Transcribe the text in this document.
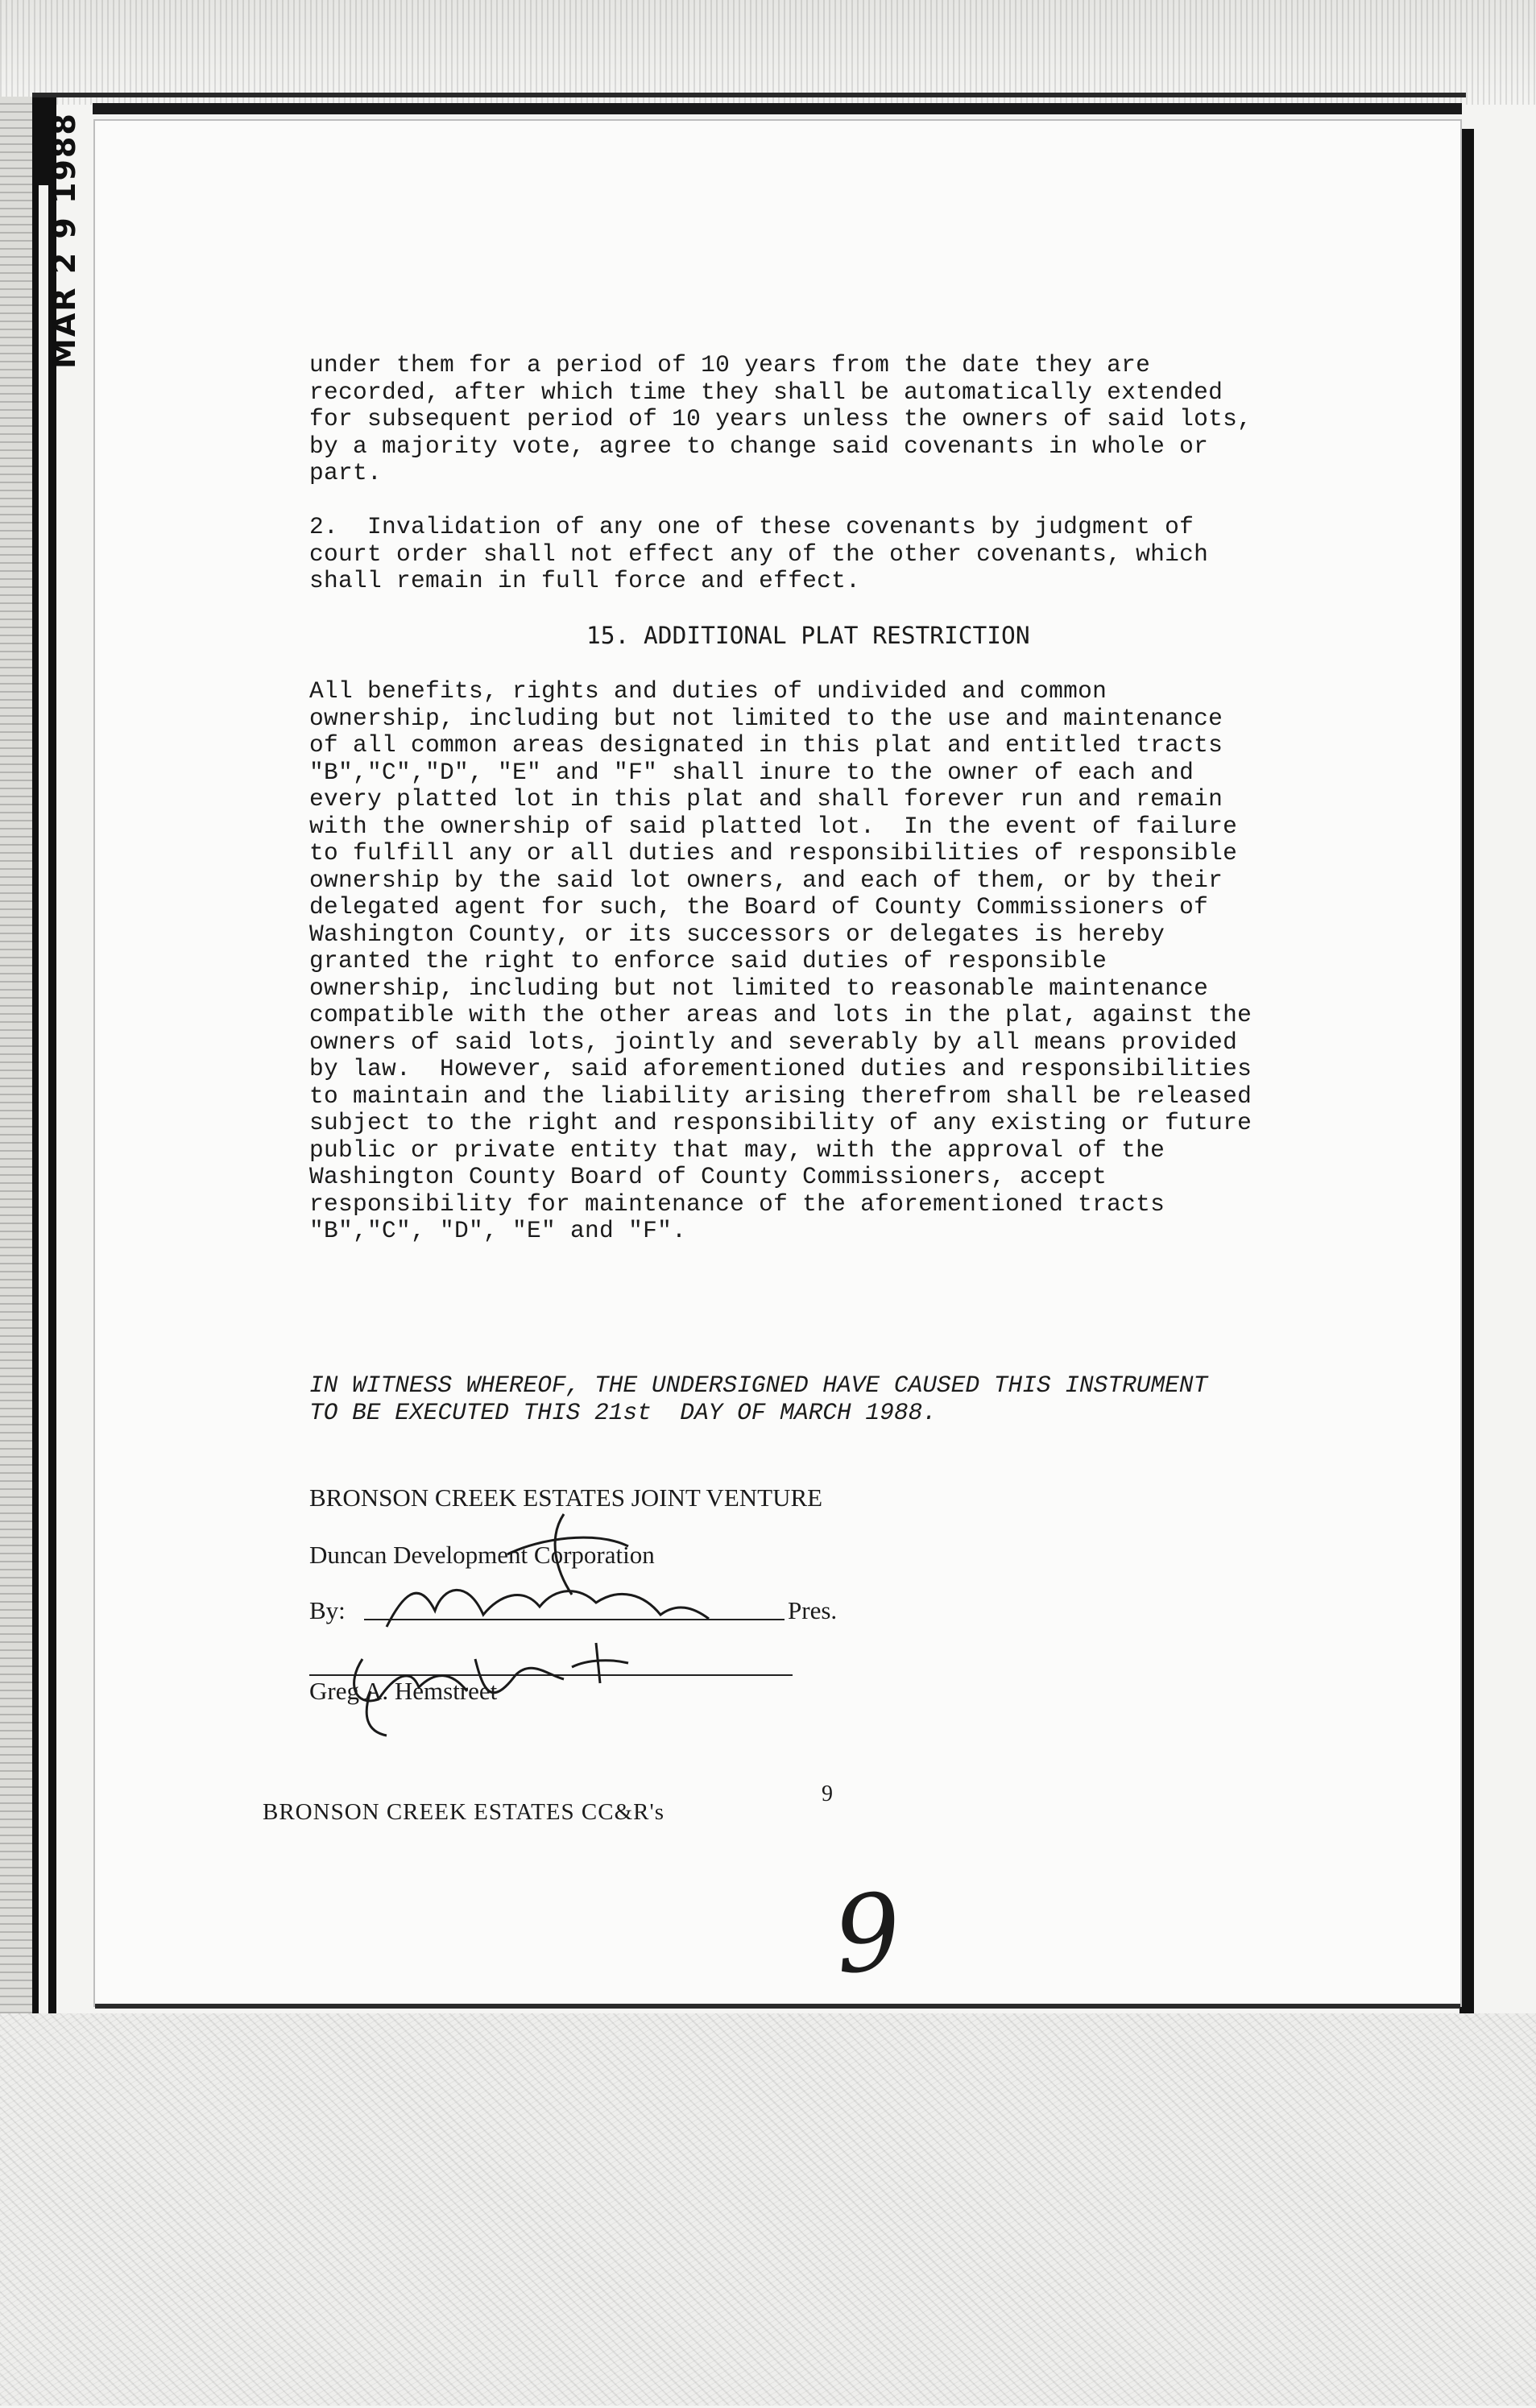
MAR 2 9 1988	under them for a period of 10 years from the date they are
recorded, after which time they shall be automatically extended
for subsequent period of 10 years unless the owners of said lots,
by a majority vote, agree to change said covenants in whole or
part.
2.  Invalidation of any one of these covenants by judgment of
court order shall not effect any of the other covenants, which
shall remain in full force and effect.
15. ADDITIONAL PLAT RESTRICTION
All benefits, rights and duties of undivided and common
ownership, including but not limited to the use and maintenance
of all common areas designated in this plat and entitled tracts
"B","C","D", "E" and "F" shall inure to the owner of each and
every platted lot in this plat and shall forever run and remain
with the ownership of said platted lot.  In the event of failure
to fulfill any or all duties and responsibilities of responsible
ownership by the said lot owners, and each of them, or by their
delegated agent for such, the Board of County Commissioners of
Washington County, or its successors or delegates is hereby
granted the right to enforce said duties of responsible
ownership, including but not limited to reasonable maintenance
compatible with the other areas and lots in the plat, against the
owners of said lots, jointly and severably by all means provided
by law.  However, said aforementioned duties and responsibilities
to maintain and the liability arising therefrom shall be released
subject to the right and responsibility of any existing or future
public or private entity that may, with the approval of the
Washington County Board of County Commissioners, accept
responsibility for maintenance of the aforementioned tracts
"B","C", "D", "E" and "F".
IN WITNESS WHEREOF, THE UNDERSIGNED HAVE CAUSED THIS INSTRUMENT
TO BE EXECUTED THIS 21st  DAY OF MARCH 1988.
BRONSON CREEK ESTATES JOINT VENTURE
Duncan Development Corporation
By:	Pres.
Greg A. Hemstreet
9
BRONSON CREEK ESTATES CC&R's
9
